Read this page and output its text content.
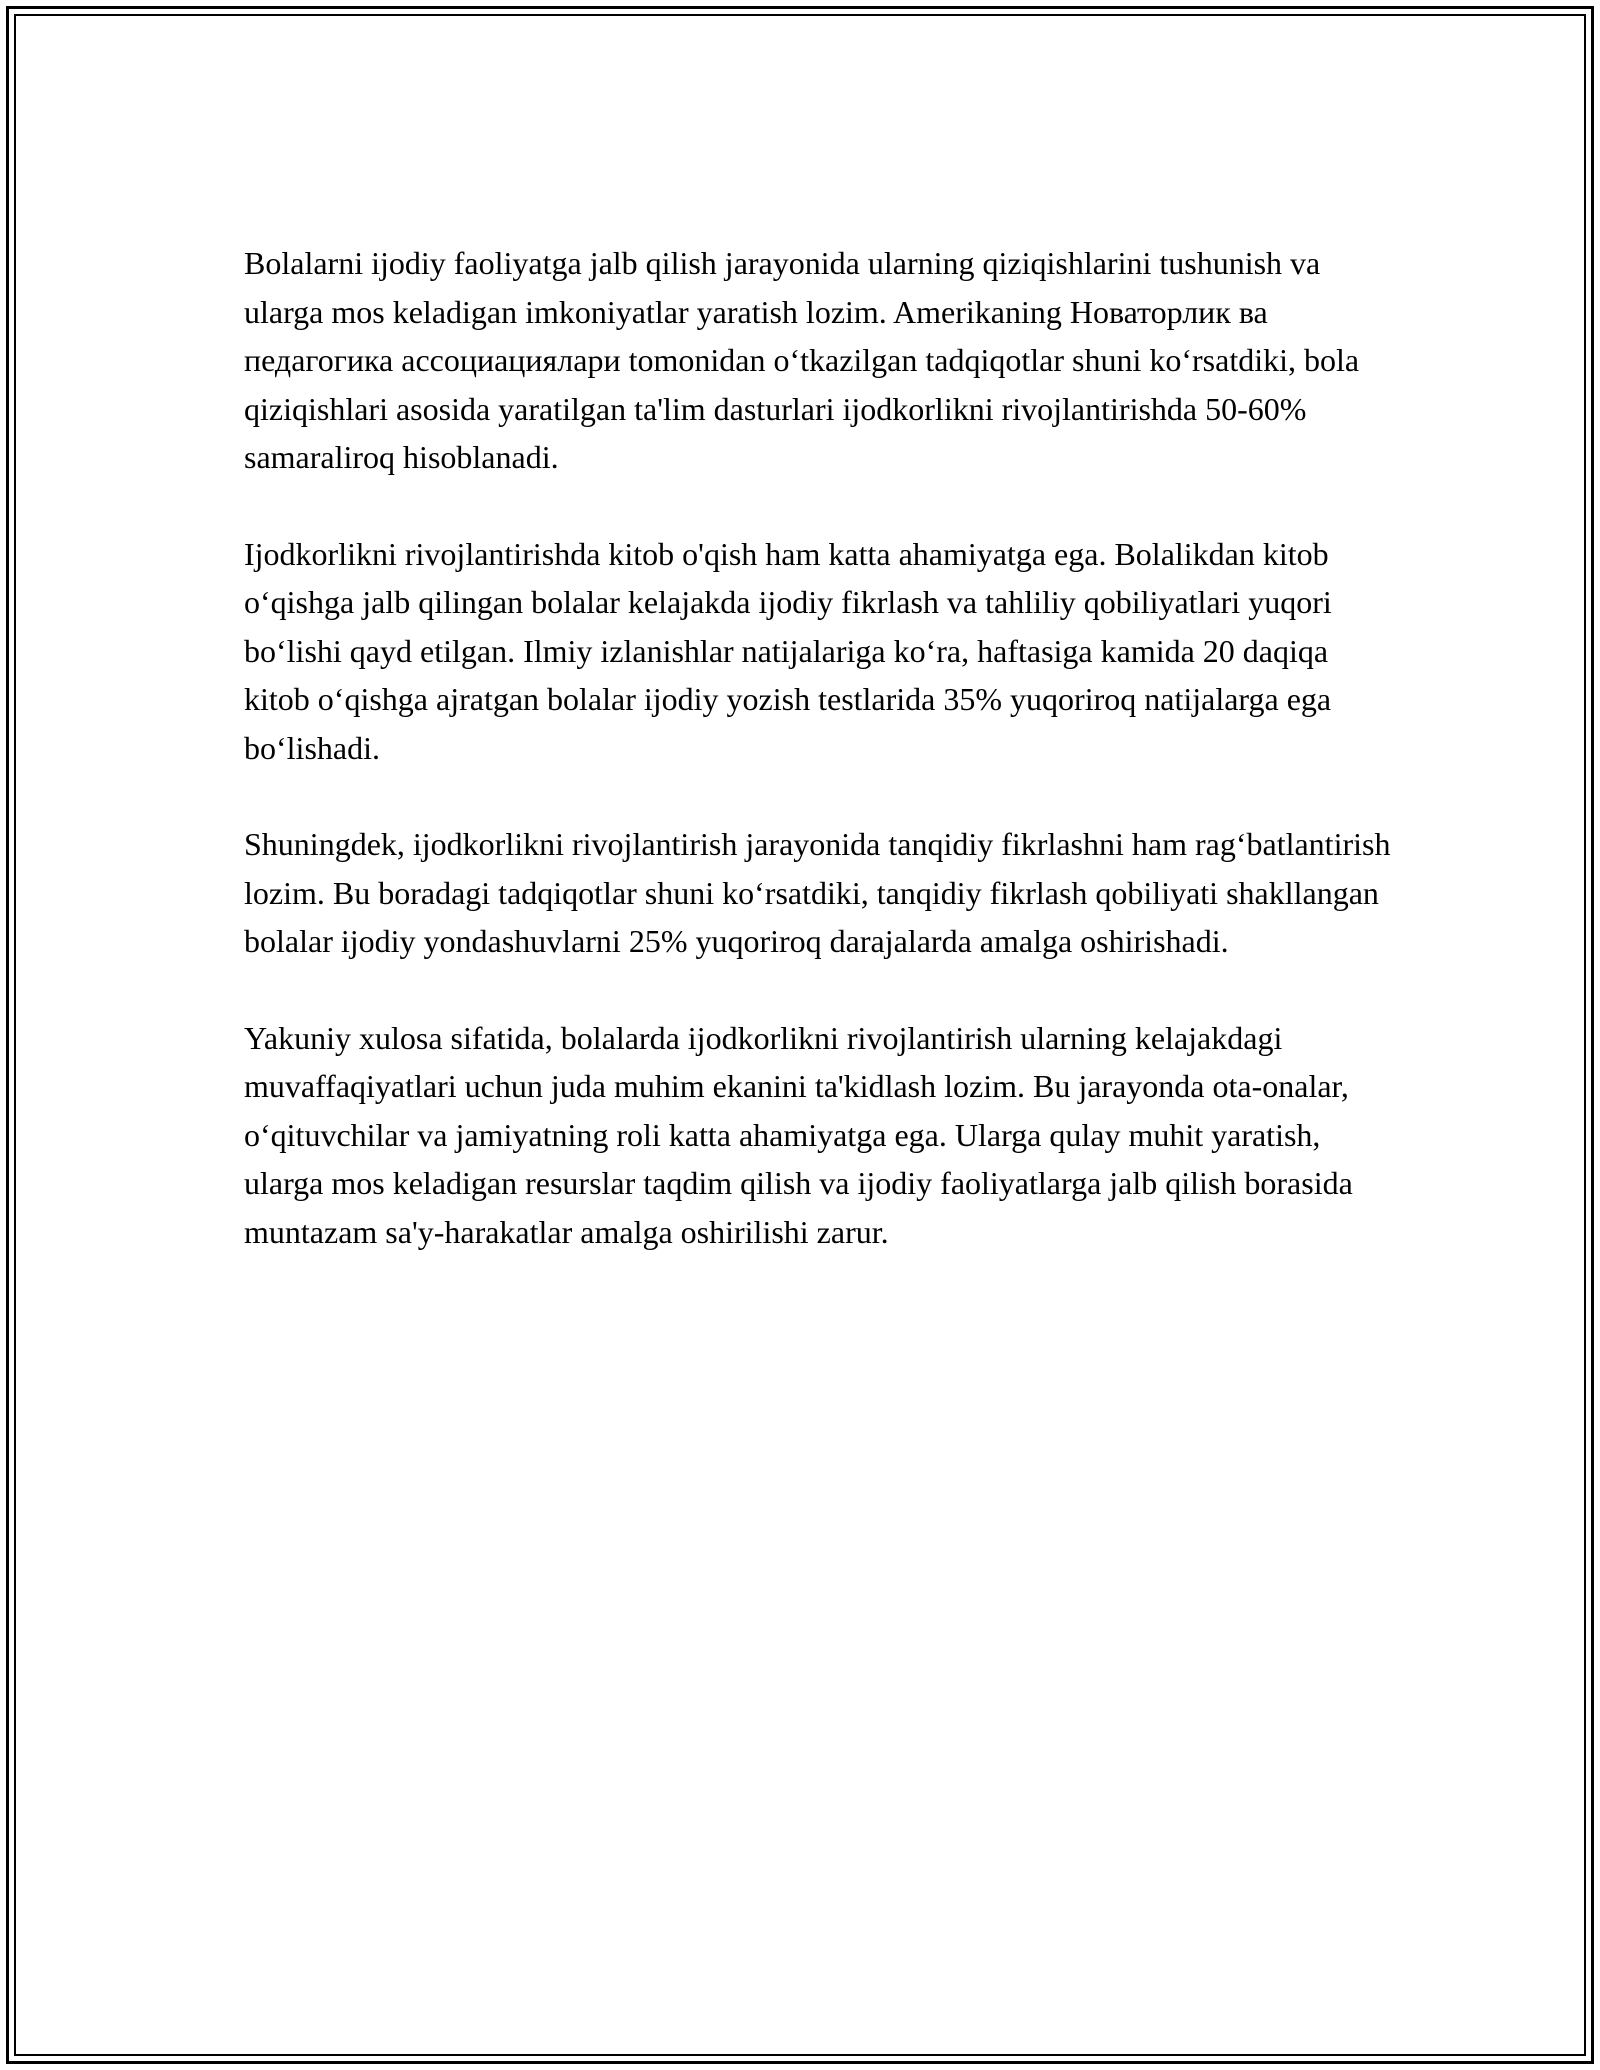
Bolalarni ijodiy faoliyatga jalb qilish jarayonida ularning qiziqishlarini tushunish va ularga mos keladigan imkoniyatlar yaratish lozim. Amerikaning Новаторлик ва педагогика ассоциациялари tomonidan o‘tkazilgan tadqiqotlar shuni ko‘rsatdiki, bola qiziqishlari asosida yaratilgan ta'lim dasturlari ijodkorlikni rivojlantirishda 50-60% samaraliroq hisoblanadi.

Ijodkorlikni rivojlantirishda kitob o'qish ham katta ahamiyatga ega. Bolalikdan kitob o‘qishga jalb qilingan bolalar kelajakda ijodiy fikrlash va tahliliy qobiliyatlari yuqori bo‘lishi qayd etilgan. Ilmiy izlanishlar natijalariga ko‘ra, haftasiga kamida 20 daqiqa kitob o‘qishga ajratgan bolalar ijodiy yozish testlarida 35% yuqoriroq natijalarga ega bo‘lishadi.

Shuningdek, ijodkorlikni rivojlantirish jarayonida tanqidiy fikrlashni ham rag‘batlantirish lozim. Bu boradagi tadqiqotlar shuni ko‘rsatdiki, tanqidiy fikrlash qobiliyati shakllangan bolalar ijodiy yondashuvlarni 25% yuqoriroq darajalarda amalga oshirishadi.

Yakuniy xulosa sifatida, bolalarda ijodkorlikni rivojlantirish ularning kelajakdagi muvaffaqiyatlari uchun juda muhim ekanini ta'kidlash lozim. Bu jarayonda ota-onalar, o‘qituvchilar va jamiyatning roli katta ahamiyatga ega. Ularga qulay muhit yaratish, ularga mos keladigan resurslar taqdim qilish va ijodiy faoliyatlarga jalb qilish borasida muntazam sa'y-harakatlar amalga oshirilishi zarur.
